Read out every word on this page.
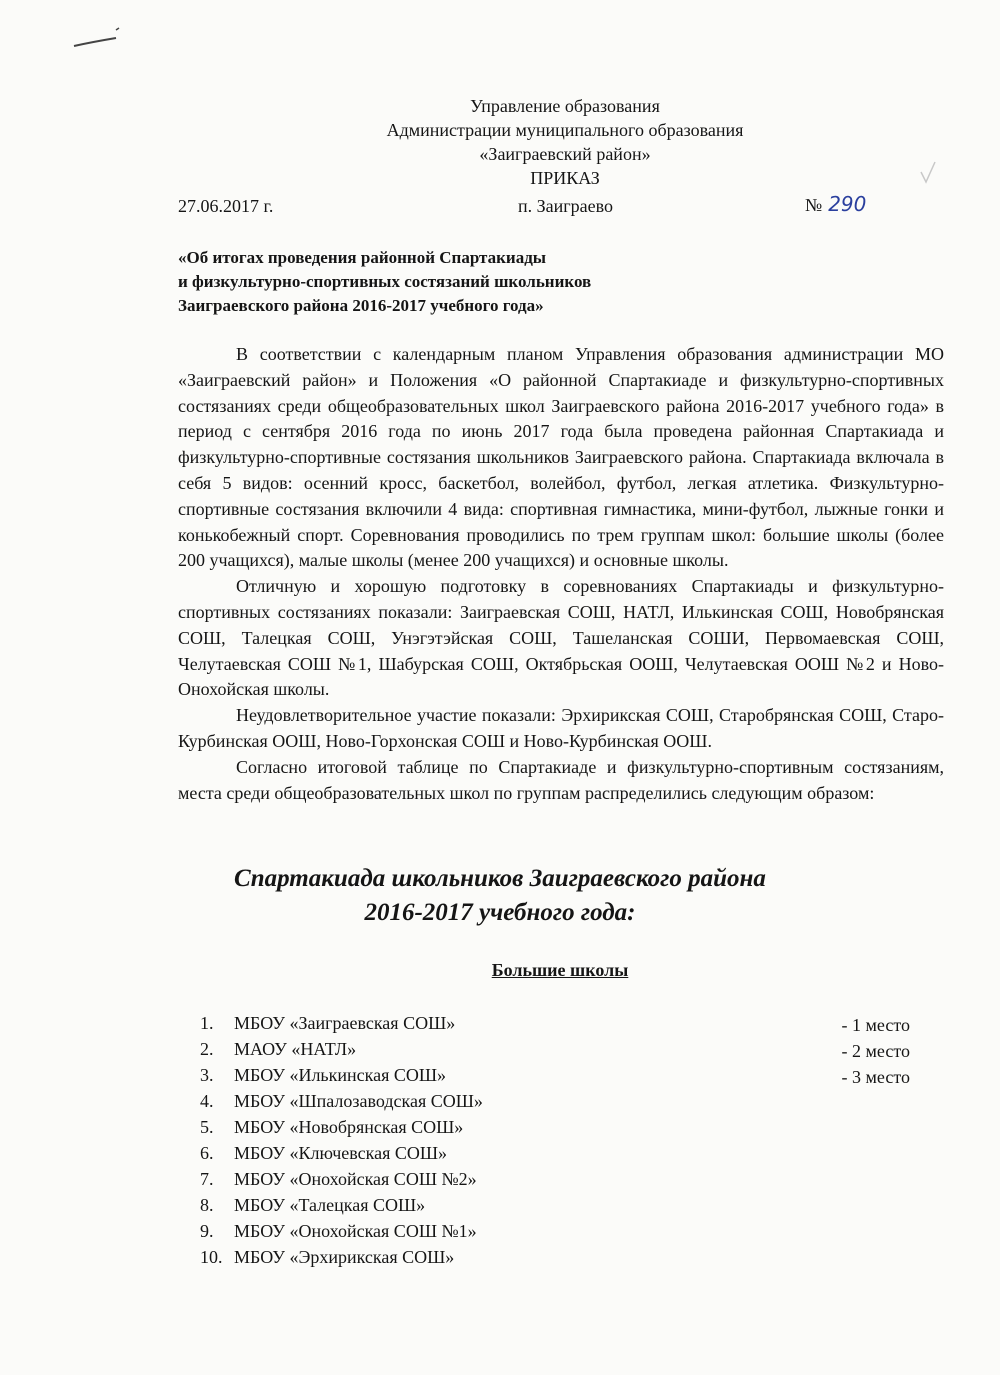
Управление образования
Администрации муниципального образования
«Заиграевский район»
ПРИКАЗ
27.06.2017 г.	п. Заиграево	№ 290
«Об итогах проведения районной Спартакиады
и физкультурно-спортивных состязаний школьников
Заиграевского района 2016-2017 учебного года»

В соответствии с календарным планом Управления образования администрации МО «Заиграевский район» и Положения «О районной Спартакиаде и физкультурно-спортивных состязаниях среди общеобразовательных школ Заиграевского района 2016-2017 учебного года» в период с сентября 2016 года по июнь 2017 года была проведена районная Спартакиада и физкультурно-спортивные состязания школьников Заиграевского района. Спартакиада включала в себя 5 видов: осенний кросс, баскетбол, волейбол, футбол, легкая атлетика. Физкультурно-спортивные состязания включили 4 вида: спортивная гимнастика, мини-футбол, лыжные гонки и конькобежный спорт. Соревнования проводились по трем группам школ: большие школы (более 200 учащихся), малые школы (менее 200 учащихся) и основные школы.

Отличную и хорошую подготовку в соревнованиях Спартакиады и физкультурно-спортивных состязаниях показали: Заиграевская СОШ, НАТЛ, Илькинская СОШ, Новобрянская СОШ, Талецкая СОШ, Унэгэтэйская СОШ, Ташеланская СОШИ, Первомаевская СОШ, Челутаевская СОШ №1, Шабурская СОШ, Октябрьская ООШ, Челутаевская ООШ №2 и Ново-Онохойская школы.

Неудовлетворительное участие показали: Эрхирикская СОШ, Старобрянская СОШ, Старо-Курбинская ООШ, Ново-Горхонская СОШ и Ново-Курбинская ООШ.

Согласно итоговой таблице по Спартакиаде и физкультурно-спортивным состязаниям, места среди общеобразовательных школ по группам распределились следующим образом:

Спартакиада школьников Заиграевского района
2016-2017 учебного года:
Большие школы
1. МБОУ «Заиграевская СОШ»
2. МАОУ «НАТЛ»
3. МБОУ «Илькинская СОШ»
4. МБОУ «Шпалозаводская СОШ»
5. МБОУ «Новобрянская СОШ»
6. МБОУ «Ключевская СОШ»
7. МБОУ «Онохойская СОШ №2»
8. МБОУ «Талецкая СОШ»
9. МБОУ «Онохойская СОШ №1»
10. МБОУ «Эрхирикская СОШ»
- 1 место
- 2 место
- 3 место
